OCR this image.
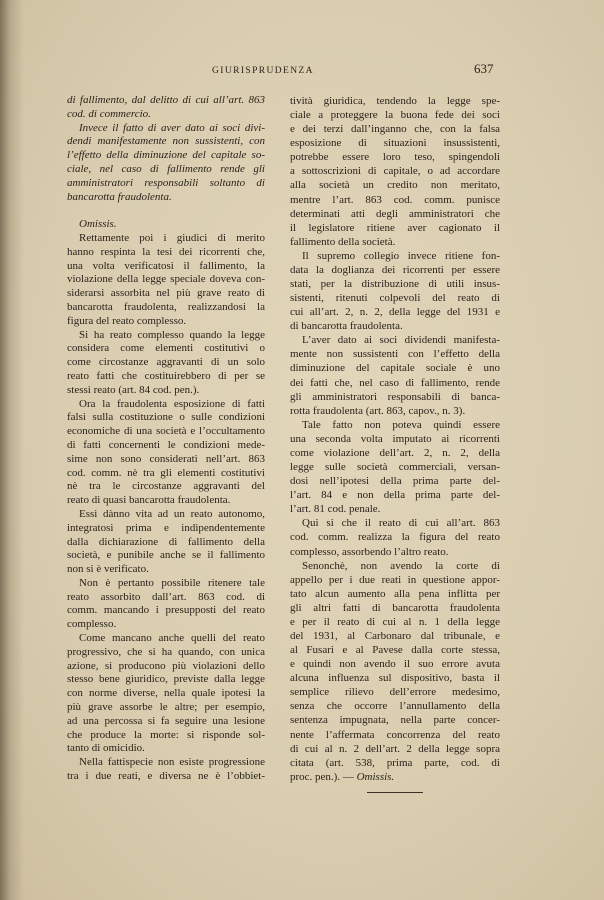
GIURISPRUDENZA	637
di fallimento, dal delitto di cui all’art. 863
cod. di commercio.
Invece il fatto di aver dato ai soci divi-
dendi manifestamente non sussistenti, con
l’effetto della diminuzione del capitale so-
ciale, nel caso di fallimento rende gli
amministratori responsabili soltanto di
bancarotta fraudolenta.
Omissis.
Rettamente poi i giudici di merito
hanno respinta la tesi dei ricorrenti che,
una volta verificatosi il fallimento, la
violazione della legge speciale doveva con-
siderarsi assorbita nel più grave reato di
bancarotta fraudolenta, realizzandosi la
figura del reato complesso.
Si ha reato complesso quando la legge
considera come elementi costitutivi o
come circostanze aggravanti di un solo
reato fatti che costituirebbero di per se
stessi reato (art. 84 cod. pen.).
Ora la fraudolenta esposizione di fatti
falsi sulla costituzione o sulle condizioni
economiche di una società e l’occultamento
di fatti concernenti le condizioni mede-
sime non sono considerati nell’art. 863
cod. comm. nè tra gli elementi costitutivi
nè tra le circostanze aggravanti del
reato di quasi bancarotta fraudolenta.
Essi dànno vita ad un reato autonomo,
integratosi prima e indipendentemente
dalla dichiarazione di fallimento della
società, e punibile anche se il fallimento
non si è verificato.
Non è pertanto possibile ritenere tale
reato assorbito dall’art. 863 cod. di
comm. mancando i presupposti del reato
complesso.
Come mancano anche quelli del reato
progressivo, che si ha quando, con unica
azione, si producono più violazioni dello
stesso bene giuridico, previste dalla legge
con norme diverse, nella quale ipotesi la
più grave assorbe le altre; per esempio,
ad una percossa si fa seguire una lesione
che produce la morte: si risponde sol-
tanto di omicidio.
Nella fattispecie non esiste progressione
tra i due reati, e diversa ne è l’obbiet-
tività giuridica, tendendo la legge spe-
ciale a proteggere la buona fede dei soci
e dei terzi dall’inganno che, con la falsa
esposizione di situazioni insussistenti,
potrebbe essere loro teso, spingendoli
a sottoscrizioni di capitale, o ad accordare
alla società un credito non meritato,
mentre l’art. 863 cod. comm. punisce
determinati atti degli amministratori che
il legislatore ritiene aver cagionato il
fallimento della società.
Il supremo collegio invece ritiene fon-
data la doglianza dei ricorrenti per essere
stati, per la distribuzione di utili insus-
sistenti, ritenuti colpevoli del reato di
cui all’art. 2, n. 2, della legge del 1931 e
di bancarotta fraudolenta.
L’aver dato ai soci dividendi manifesta-
mente non sussistenti con l’effetto della
diminuzione del capitale sociale è uno
dei fatti che, nel caso di fallimento, rende
gli amministratori responsabili di banca-
rotta fraudolenta (art. 863, capov., n. 3).
Tale fatto non poteva quindi essere
una seconda volta imputato ai ricorrenti
come violazione dell’art. 2, n. 2, della
legge sulle società commerciali, versan-
dosi nell’ipotesi della prima parte del-
l’art. 84 e non della prima parte del-
l’art. 81 cod. penale.
Qui si che il reato di cui all’art. 863
cod. comm. realizza la figura del reato
complesso, assorbendo l’altro reato.
Senonchè, non avendo la corte di
appello per i due reati in questione appor-
tato alcun aumento alla pena inflitta per
gli altri fatti di bancarotta fraudolenta
e per il reato di cui al n. 1 della legge
del 1931, al Carbonaro dal tribunale, e
al Fusari e al Pavese dalla corte stessa,
e quindi non avendo il suo errore avuta
alcuna influenza sul dispositivo, basta il
semplice rilievo dell’errore medesimo,
senza che occorre l’annullamento della
sentenza impugnata, nella parte concer-
nente l’affermata concorrenza del reato
di cui al n. 2 dell’art. 2 della legge sopra
citata (art. 538, prima parte, cod. di
proc. pen.). — Omissis.
